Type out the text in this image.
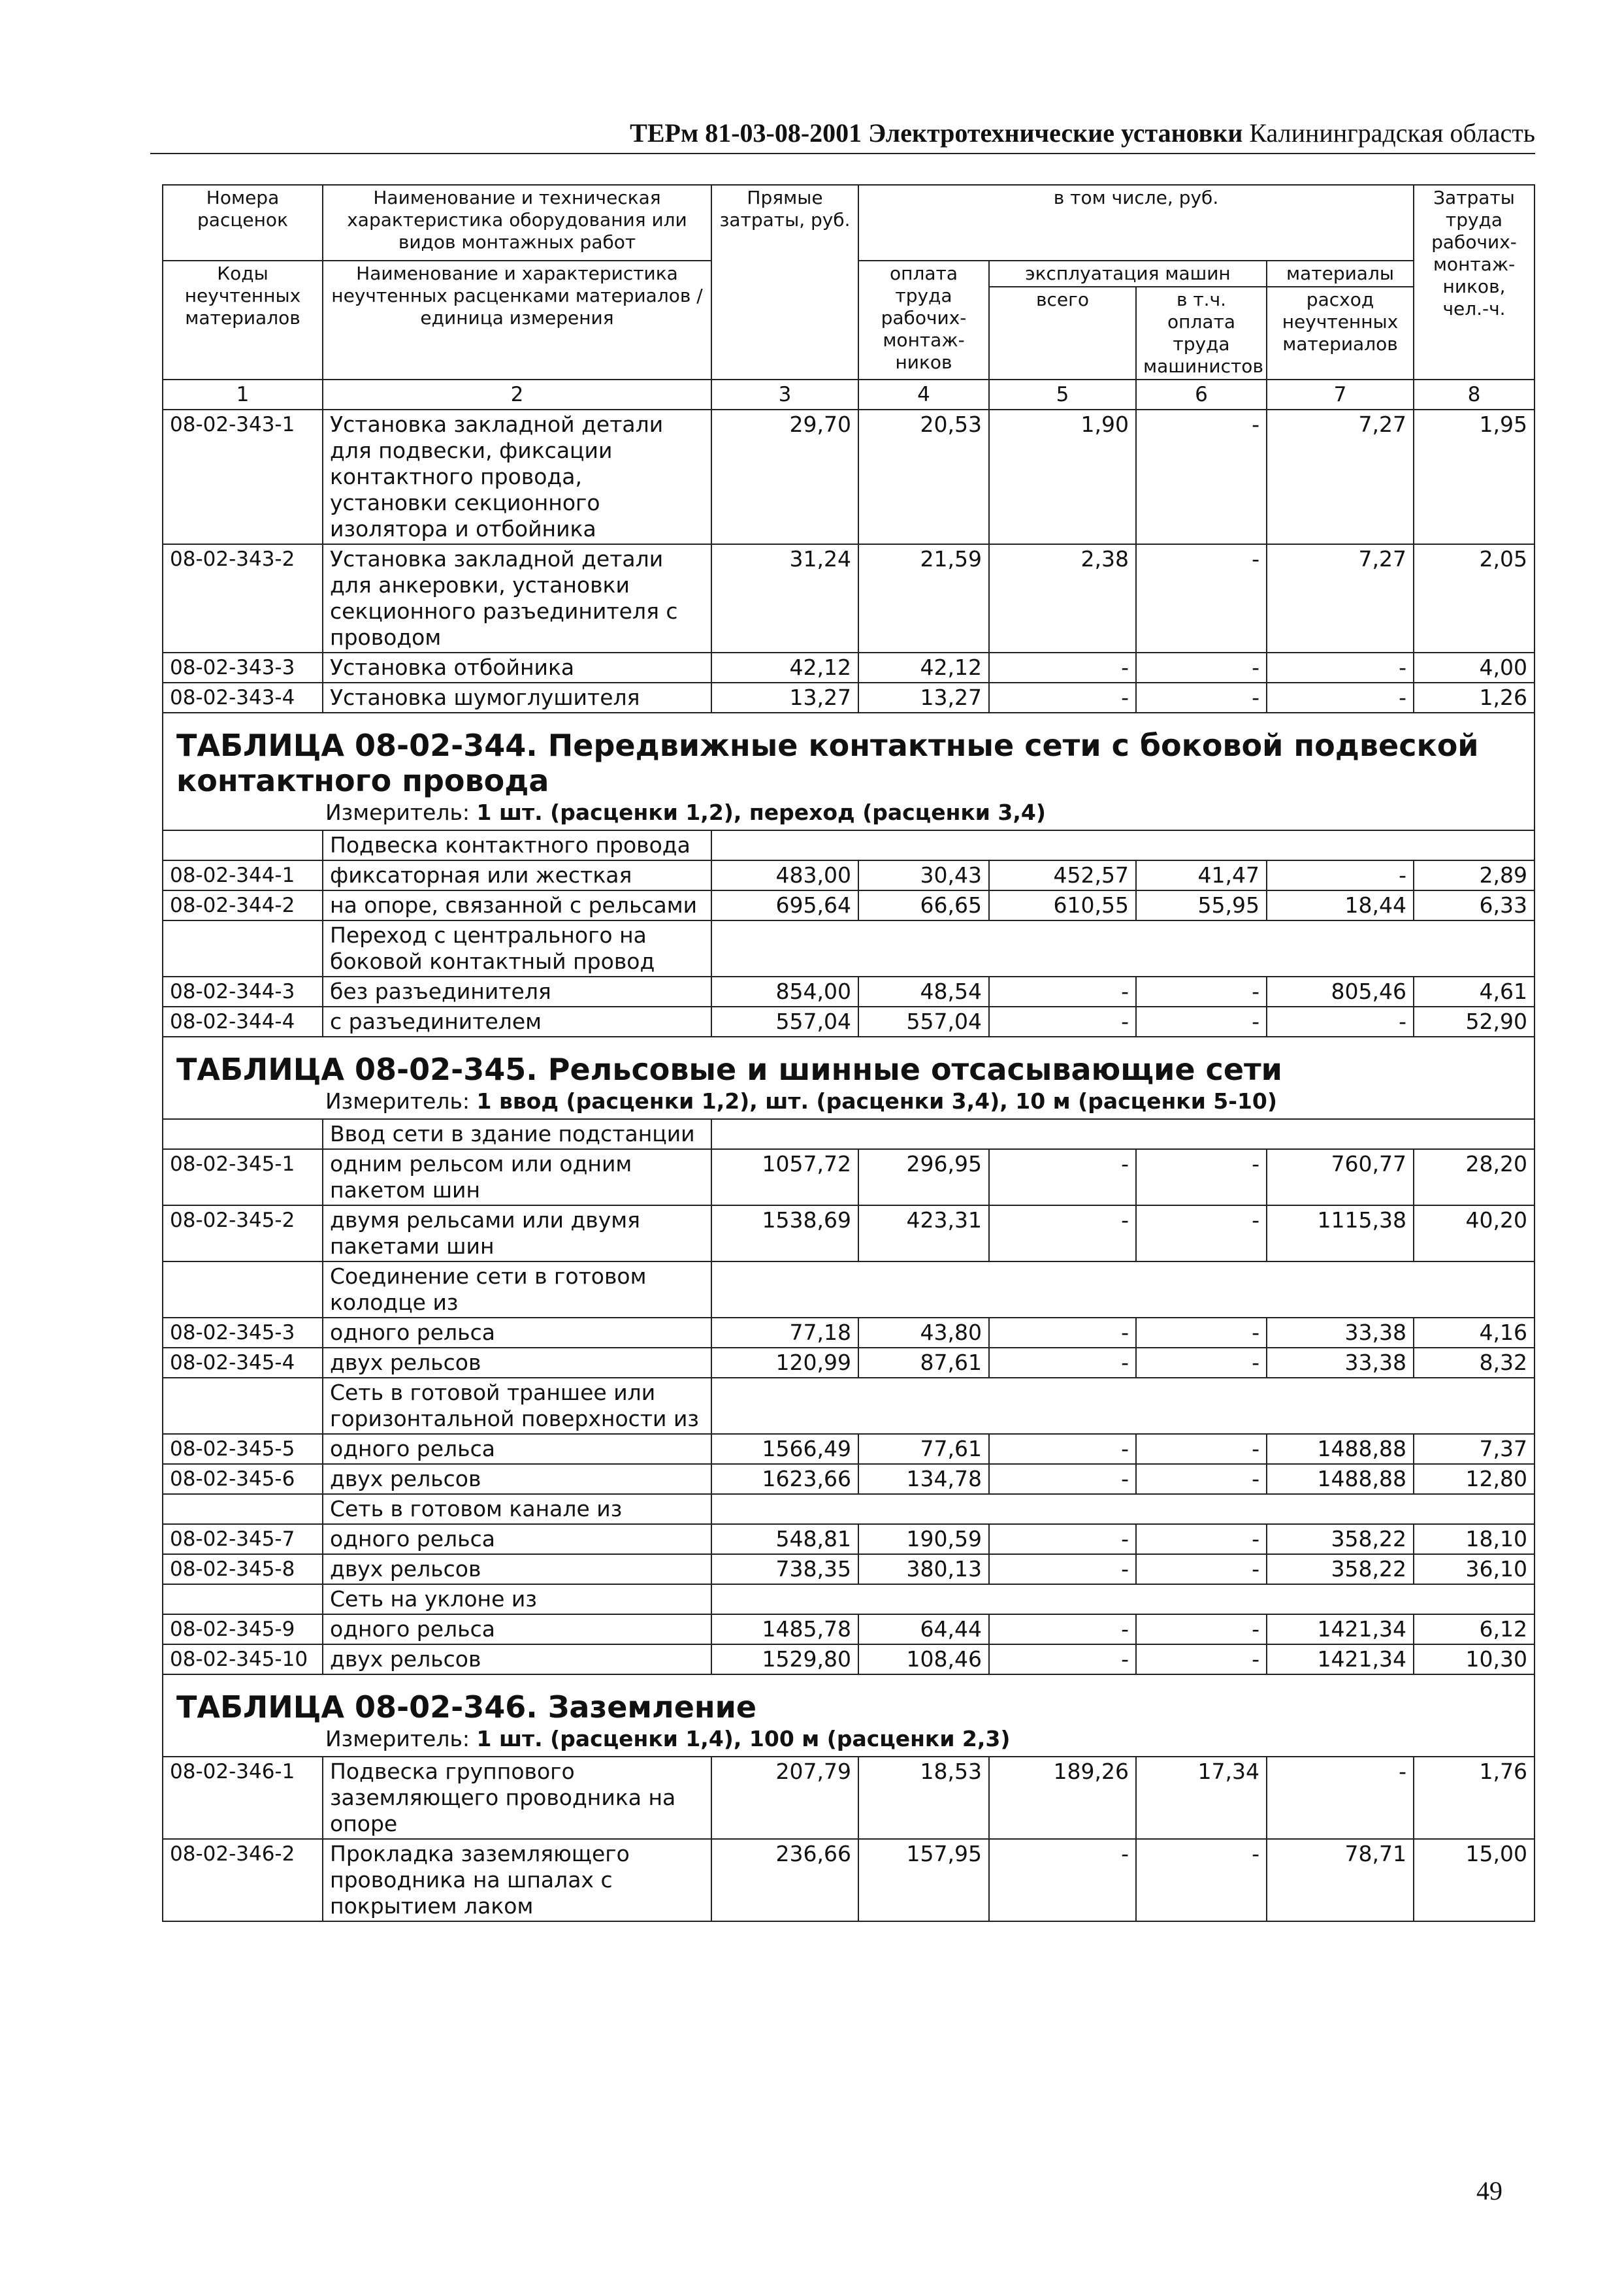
ТЕРм 81-03-08-2001 Электротехнические установки Калининградская область
Номера расценок	Наименование и техническая характеристика оборудования или видов монтажных работ	Прямые затраты, руб.	в том числе, руб.				Затраты труда рабочих-монтаж-ников, чел.-ч.
Коды неучтенных материалов	Наименование и характеристика неучтенных расценками материалов / единица измерения		оплата труда рабочих-монтаж-ников	эксплуатация машин		материалы	
				всего	в т.ч. оплата труда машинистов	расход неучтенных материалов	
1	2	3	4	5	6	7	8
08-02-343-1	Установка закладной детали для подвески, фиксации контактного провода, установки секционного изолятора и отбойника	29,70	20,53	1,90	-	7,27	1,95
08-02-343-2	Установка закладной детали для анкеровки, установки секционного разъединителя с проводом	31,24	21,59	2,38	-	7,27	2,05
08-02-343-3	Установка отбойника	42,12	42,12	-	-	-	4,00
08-02-343-4	Установка шумоглушителя	13,27	13,27	-	-	-	1,26
ТАБЛИЦА 08-02-344. Передвижные контактные сети с боковой подвеской контактного провода							
Измеритель: 1 шт. (расценки 1,2), переход (расценки 3,4)							
	Подвеска контактного провода						
08-02-344-1	фиксаторная или жесткая	483,00	30,43	452,57	41,47	-	2,89
08-02-344-2	на опоре, связанной с рельсами	695,64	66,65	610,55	55,95	18,44	6,33
	Переход с центрального на боковой контактный провод						
08-02-344-3	без разъединителя	854,00	48,54	-	-	805,46	4,61
08-02-344-4	с разъединителем	557,04	557,04	-	-	-	52,90
ТАБЛИЦА 08-02-345. Рельсовые и шинные отсасывающие сети							
Измеритель: 1 ввод (расценки 1,2), шт. (расценки 3,4), 10 м (расценки 5-10)							
	Ввод сети в здание подстанции						
08-02-345-1	одним рельсом или одним пакетом шин	1057,72	296,95	-	-	760,77	28,20
08-02-345-2	двумя рельсами или двумя пакетами шин	1538,69	423,31	-	-	1115,38	40,20
	Соединение сети в готовом колодце из						
08-02-345-3	одного рельса	77,18	43,80	-	-	33,38	4,16
08-02-345-4	двух рельсов	120,99	87,61	-	-	33,38	8,32
	Сеть в готовой траншее или горизонтальной поверхности из						
08-02-345-5	одного рельса	1566,49	77,61	-	-	1488,88	7,37
08-02-345-6	двух рельсов	1623,66	134,78	-	-	1488,88	12,80
	Сеть в готовом канале из						
08-02-345-7	одного рельса	548,81	190,59	-	-	358,22	18,10
08-02-345-8	двух рельсов	738,35	380,13	-	-	358,22	36,10
	Сеть на уклоне из						
08-02-345-9	одного рельса	1485,78	64,44	-	-	1421,34	6,12
08-02-345-10	двух рельсов	1529,80	108,46	-	-	1421,34	10,30
ТАБЛИЦА 08-02-346. Заземление							
Измеритель: 1 шт. (расценки 1,4), 100 м (расценки 2,3)							
08-02-346-1	Подвеска группового заземляющего проводника на опоре	207,79	18,53	189,26	17,34	-	1,76
08-02-346-2	Прокладка заземляющего проводника на шпалах с покрытием лаком	236,66	157,95	-	-	78,71	15,00
49
